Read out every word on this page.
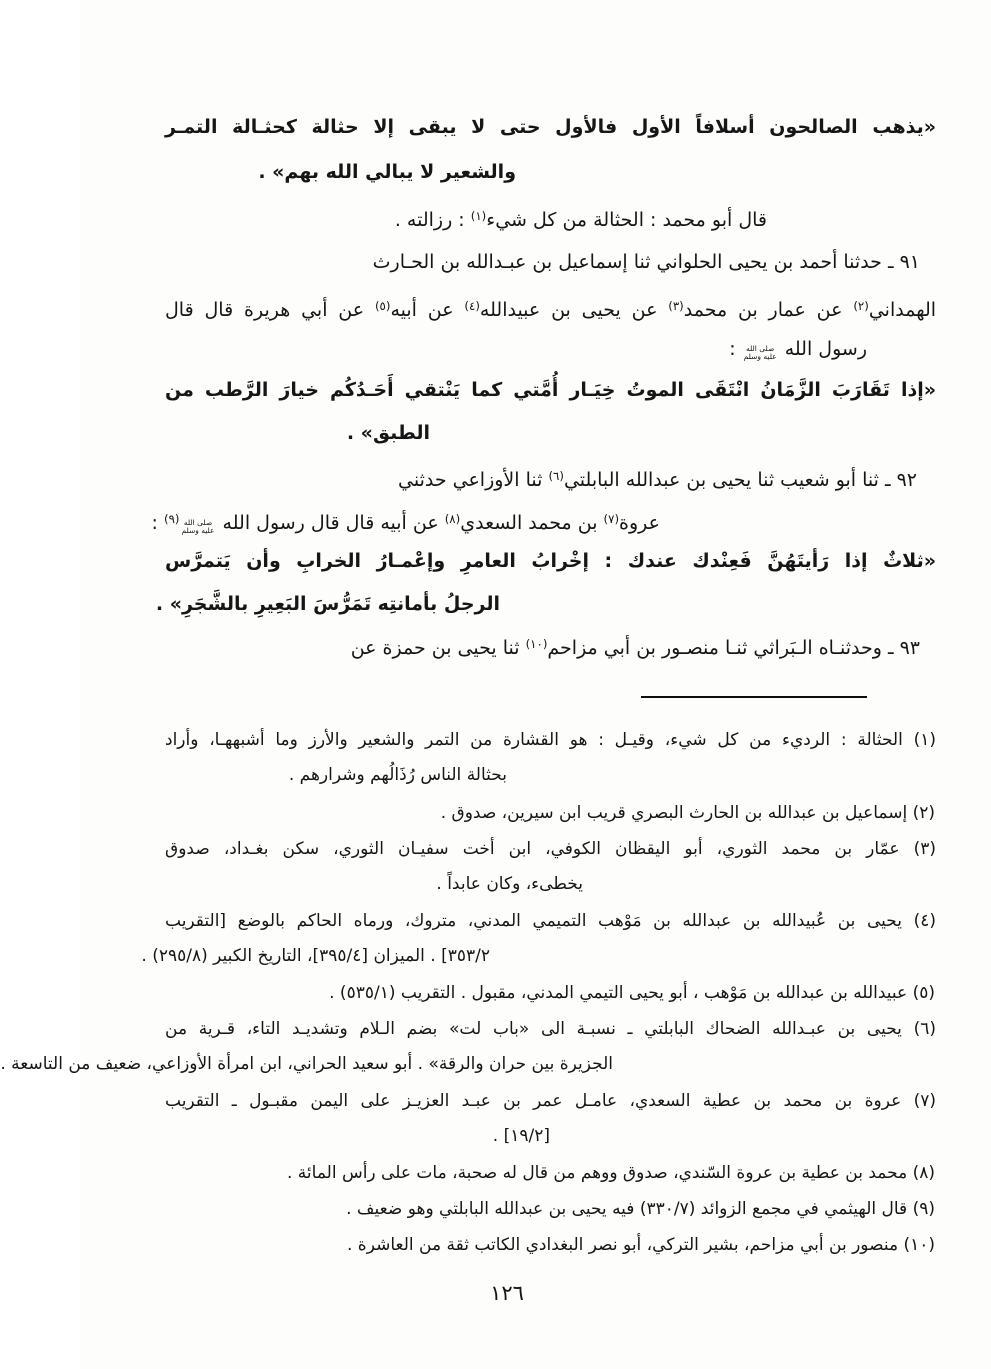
«يذهب الصالحون أسلافاً الأول فالأول حتى لا يبقى إلا حثالة كحثـالة التمـر
والشعير لا يبالي الله بهم» .
قال أبو محمد : الحثالة من كل شيء$^{(١)}$ : رزالته .
٩١ ـ حدثنا أحمد بن يحيى الحلواني ثنا إسماعيل بن عبـدالله بن الحـارث
الهمداني$^{(٢)}$ عن عمار بن محمد$^{(٣)}$ عن يحيى بن عبيدالله$^{(٤)}$ عن أبيه$^{(٥)}$ عن أبي هريرة قال قال
رسول الله صلى الله
عليه وسلم :
«إذا تَقَارَبَ الزَّمَانُ انْتَقَى الموتُ خِيَـار أُمَّتي كما يَنْتقي أَحَـدُكُم خيارَ الرَّطب من
الطبق» .
٩٢ ـ ثنا أبو شعيب ثنا يحيى بن عبدالله البابلتي$^{(٦)}$ ثنا الأوزاعي حدثني
عروة$^{(٧)}$ بن محمد السعدي$^{(٨)}$ عن أبيه قال قال رسول الله صلى الله
عليه وسلم$^{(٩)}$ :
«ثلاثٌ إذا رَأيتَهُنَّ فَعِنْدك عندك : إخْرابُ العامرِ وإعْمـارُ الخرابِ وأن يَتمرَّس
الرجلُ بأمانتِه تَمَرُّسَ البَعِيرِ بالشَّجَرِ» .
٩٣ ـ وحدثنـاه الـبَراثي ثنـا منصـور بن أبي مزاحم$^{(١٠)}$ ثنا يحيى بن حمزة عن
(١) الحثالة : الرديء من كل شيء، وقيـل : هو القشارة من التمر والشعير والأرز وما أشبههـا، وأراد
بحثالة الناس رُذَالُهم وشرارهم .
(٢) إسماعيل بن عبدالله بن الحارث البصري قريب ابن سيرين، صدوق .
(٣) عمّار بن محمد الثوري، أبو اليقظان الكوفي، ابن أخت سفيـان الثوري، سكن بغـداد، صدوق
يخطىء، وكان عابداً .
(٤) يحيى بن عُبيدالله بن عبدالله بن مَوْهب التميمي المدني، متروك، ورماه الحاكم بالوضع [التقريب
٣٥٣/٢] . الميزان [٣٩٥/٤]، التاريخ الكبير (٢٩٥/٨) .
(٥) عبيدالله بن عبدالله بن مَوْهب ، أبو يحيى التيمي المدني، مقبول . التقريب (٥٣٥/١) .
(٦) يحيى بن عبـدالله الضحاك البابلتي ـ نسبـة الى «باب لت» بضم الـلام وتشديـد التاء، قـرية من
الجزيرة بين حران والرقة» . أبو سعيد الحراني، ابن امرأة الأوزاعي، ضعيف من التاسعة .
(٧) عروة بن محمد بن عطية السعدي، عامـل عمر بن عبـد العزيـز على اليمن مقبـول ـ التقريب
[١٩/٢] .
(٨) محمد بن عطية بن عروة السّندي، صدوق ووهم من قال له صحبة، مات على رأس المائة .
(٩) قال الهيثمي في مجمع الزوائد (٣٣٠/٧) فيه يحيى بن عبدالله البابلتي وهو ضعيف .
(١٠) منصور بن أبي مزاحم، بشير التركي، أبو نصر البغدادي الكاتب ثقة من العاشرة .
١٢٦
